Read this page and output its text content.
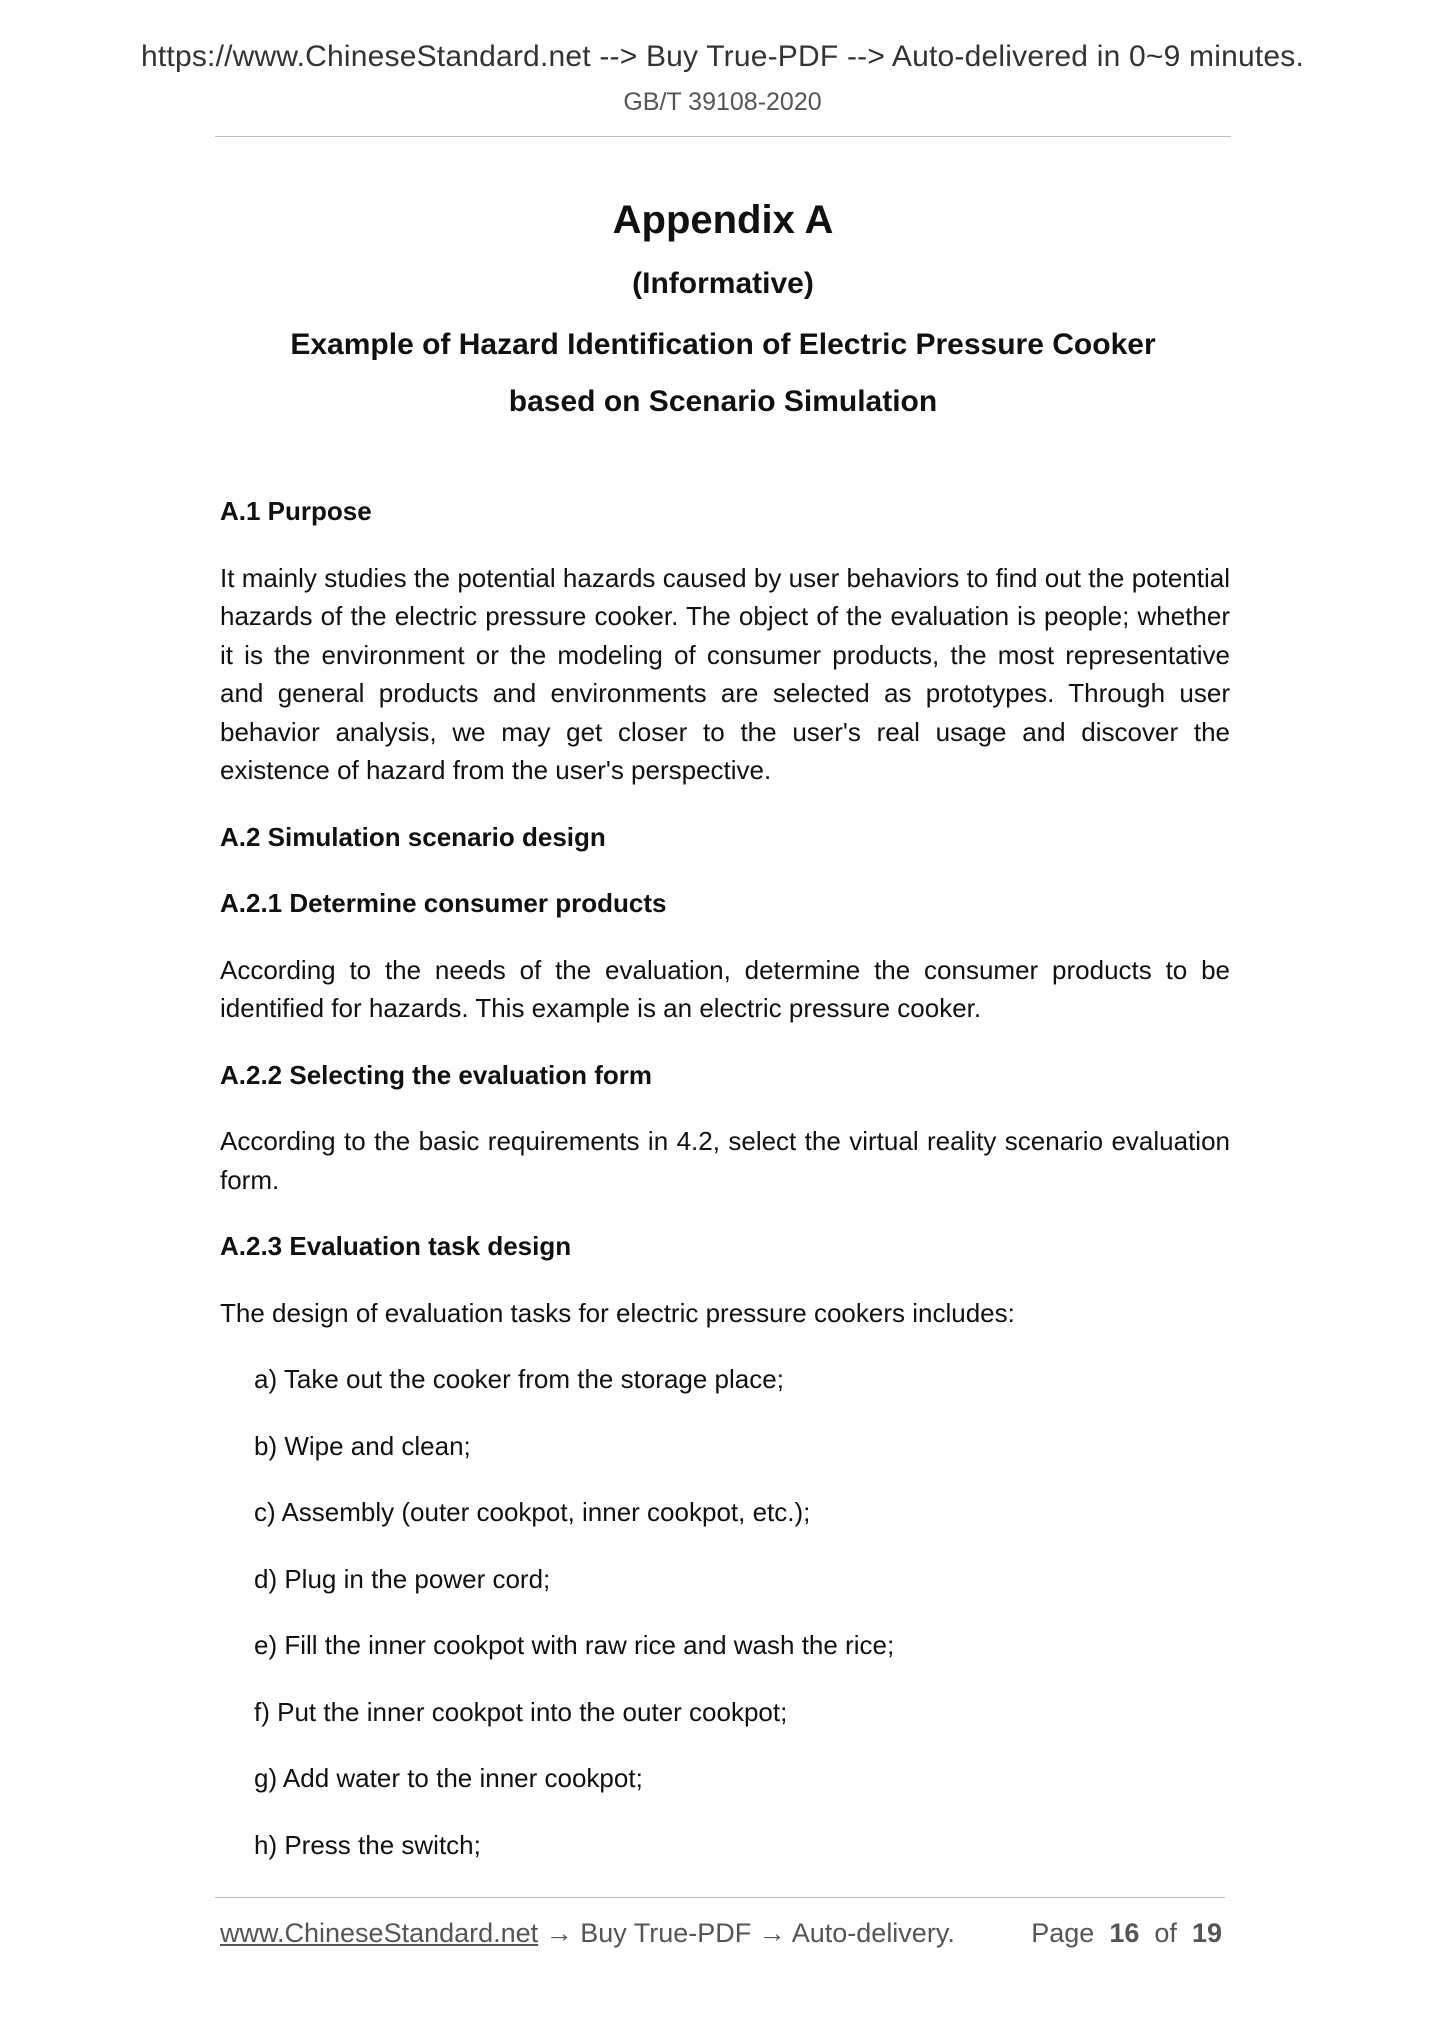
https://www.ChineseStandard.net --> Buy True-PDF --> Auto-delivered in 0~9 minutes.
GB/T 39108-2020
Appendix A
(Informative)
Example of Hazard Identification of Electric Pressure Cooker
based on Scenario Simulation
A.1 Purpose
It mainly studies the potential hazards caused by user behaviors to find out the potential hazards of the electric pressure cooker. The object of the evaluation is people; whether it is the environment or the modeling of consumer products, the most representative and general products and environments are selected as prototypes. Through user behavior analysis, we may get closer to the user's real usage and discover the existence of hazard from the user's perspective.
A.2 Simulation scenario design
A.2.1 Determine consumer products
According to the needs of the evaluation, determine the consumer products to be identified for hazards. This example is an electric pressure cooker.
A.2.2 Selecting the evaluation form
According to the basic requirements in 4.2, select the virtual reality scenario evaluation form.
A.2.3 Evaluation task design
The design of evaluation tasks for electric pressure cookers includes:
a) Take out the cooker from the storage place;
b) Wipe and clean;
c) Assembly (outer cookpot, inner cookpot, etc.);
d) Plug in the power cord;
e) Fill the inner cookpot with raw rice and wash the rice;
f) Put the inner cookpot into the outer cookpot;
g) Add water to the inner cookpot;
h) Press the switch;
www.ChineseStandard.net → Buy True-PDF → Auto-delivery.	Page 16 of 19
